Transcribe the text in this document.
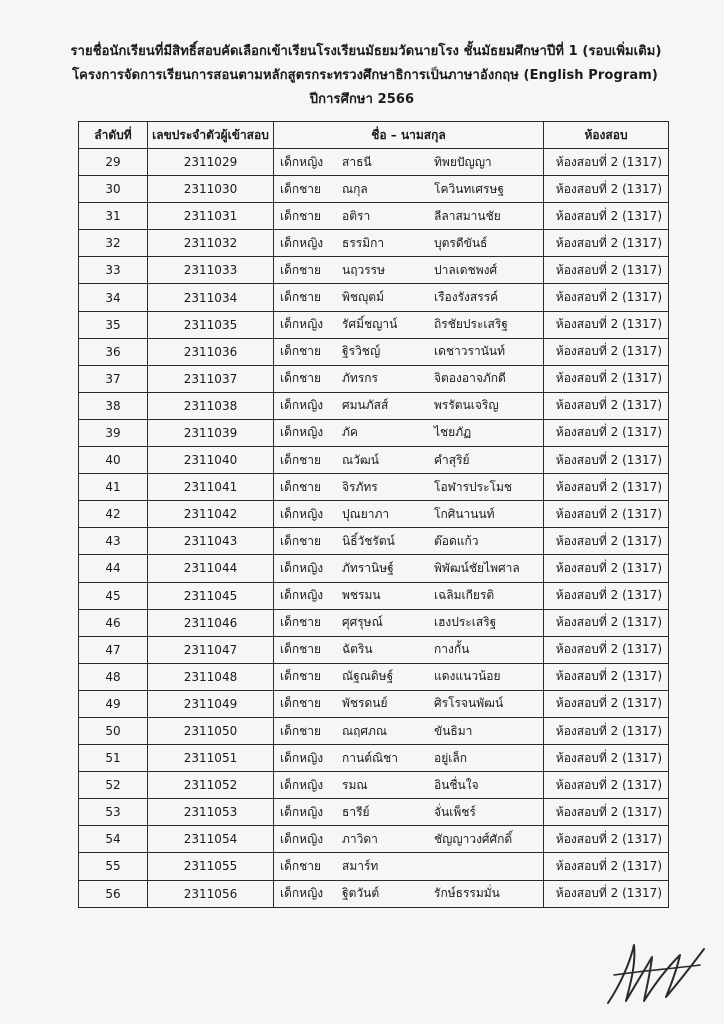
รายชื่อนักเรียนที่มีสิทธิ์สอบคัดเลือกเข้าเรียนโรงเรียนมัธยมวัดนายโรง ชั้นมัธยมศึกษาปีที่ 1 (รอบเพิ่มเติม)
โครงการจัดการเรียนการสอนตามหลักสูตรกระทรวงศึกษาธิการเป็นภาษาอังกฤษ (English Program)
ปีการศึกษา 2566
ลำดับที่	เลขประจำตัวผู้เข้าสอบ	ชื่อ – นามสกุล	ห้องสอบ
29	2311029	เด็กหญิง สาธนี ทิพยปัญญา	ห้องสอบที่ 2 (1317)
30	2311030	เด็กชาย ณกุล โควินทเศรษฐ	ห้องสอบที่ 2 (1317)
31	2311031	เด็กชาย อติรา ลีลาสมานชัย	ห้องสอบที่ 2 (1317)
32	2311032	เด็กหญิง ธรรมิกา บุตรดีขันธ์	ห้องสอบที่ 2 (1317)
33	2311033	เด็กชาย นฤวรรษ ปาลเดชพงศ์	ห้องสอบที่ 2 (1317)
34	2311034	เด็กชาย พิชญุตม์ เรืองรังสรรค์	ห้องสอบที่ 2 (1317)
35	2311035	เด็กหญิง รัศมิ์ชญาน์ ถิรชัยประเสริฐ	ห้องสอบที่ 2 (1317)
36	2311036	เด็กชาย ฐิรวิชญ์ เดชาวรานันท์	ห้องสอบที่ 2 (1317)
37	2311037	เด็กชาย ภัทรกร จิตองอาจภักดี	ห้องสอบที่ 2 (1317)
38	2311038	เด็กหญิง ศมนภัสส์ พรรัตนเจริญ	ห้องสอบที่ 2 (1317)
39	2311039	เด็กหญิง ภัค ไชยภัฏ	ห้องสอบที่ 2 (1317)
40	2311040	เด็กชาย ณวัฒน์ คำสุริย์	ห้องสอบที่ 2 (1317)
41	2311041	เด็กชาย จิรภัทร โอฬารประโมช	ห้องสอบที่ 2 (1317)
42	2311042	เด็กหญิง ปุณยาภา โกศินานนท์	ห้องสอบที่ 2 (1317)
43	2311043	เด็กชาย นิธิ์วัชรัตน์ ต๊อดแก้ว	ห้องสอบที่ 2 (1317)
44	2311044	เด็กหญิง ภัทรานิษฐ์ พิพัฒน์ชัยไพศาล	ห้องสอบที่ 2 (1317)
45	2311045	เด็กหญิง พชรมน เฉลิมเกียรติ	ห้องสอบที่ 2 (1317)
46	2311046	เด็กชาย ศุศรุษณ์ เฮงประเสริฐ	ห้องสอบที่ 2 (1317)
47	2311047	เด็กชาย ฉัตริน กางกั้น	ห้องสอบที่ 2 (1317)
48	2311048	เด็กชาย ณัฐณดิษฐ์ แดงแนวน้อย	ห้องสอบที่ 2 (1317)
49	2311049	เด็กชาย พัชรดนย์ ศิรโรจนพัฒน์	ห้องสอบที่ 2 (1317)
50	2311050	เด็กชาย ณฤศภณ ขันธิมา	ห้องสอบที่ 2 (1317)
51	2311051	เด็กหญิง กานต์ณิชา อยู่เล็ก	ห้องสอบที่ 2 (1317)
52	2311052	เด็กหญิง รมณ อินชื่นใจ	ห้องสอบที่ 2 (1317)
53	2311053	เด็กหญิง ธารีย์ จั่นเพ็ชร์	ห้องสอบที่ 2 (1317)
54	2311054	เด็กหญิง ภาวิดา ชัญญาวงศ์ศักดิ์	ห้องสอบที่ 2 (1317)
55	2311055	เด็กชาย สมาร์ท	ห้องสอบที่ 2 (1317)
56	2311056	เด็กหญิง ฐิตวันต์ รักษ์ธรรมมั่น	ห้องสอบที่ 2 (1317)
